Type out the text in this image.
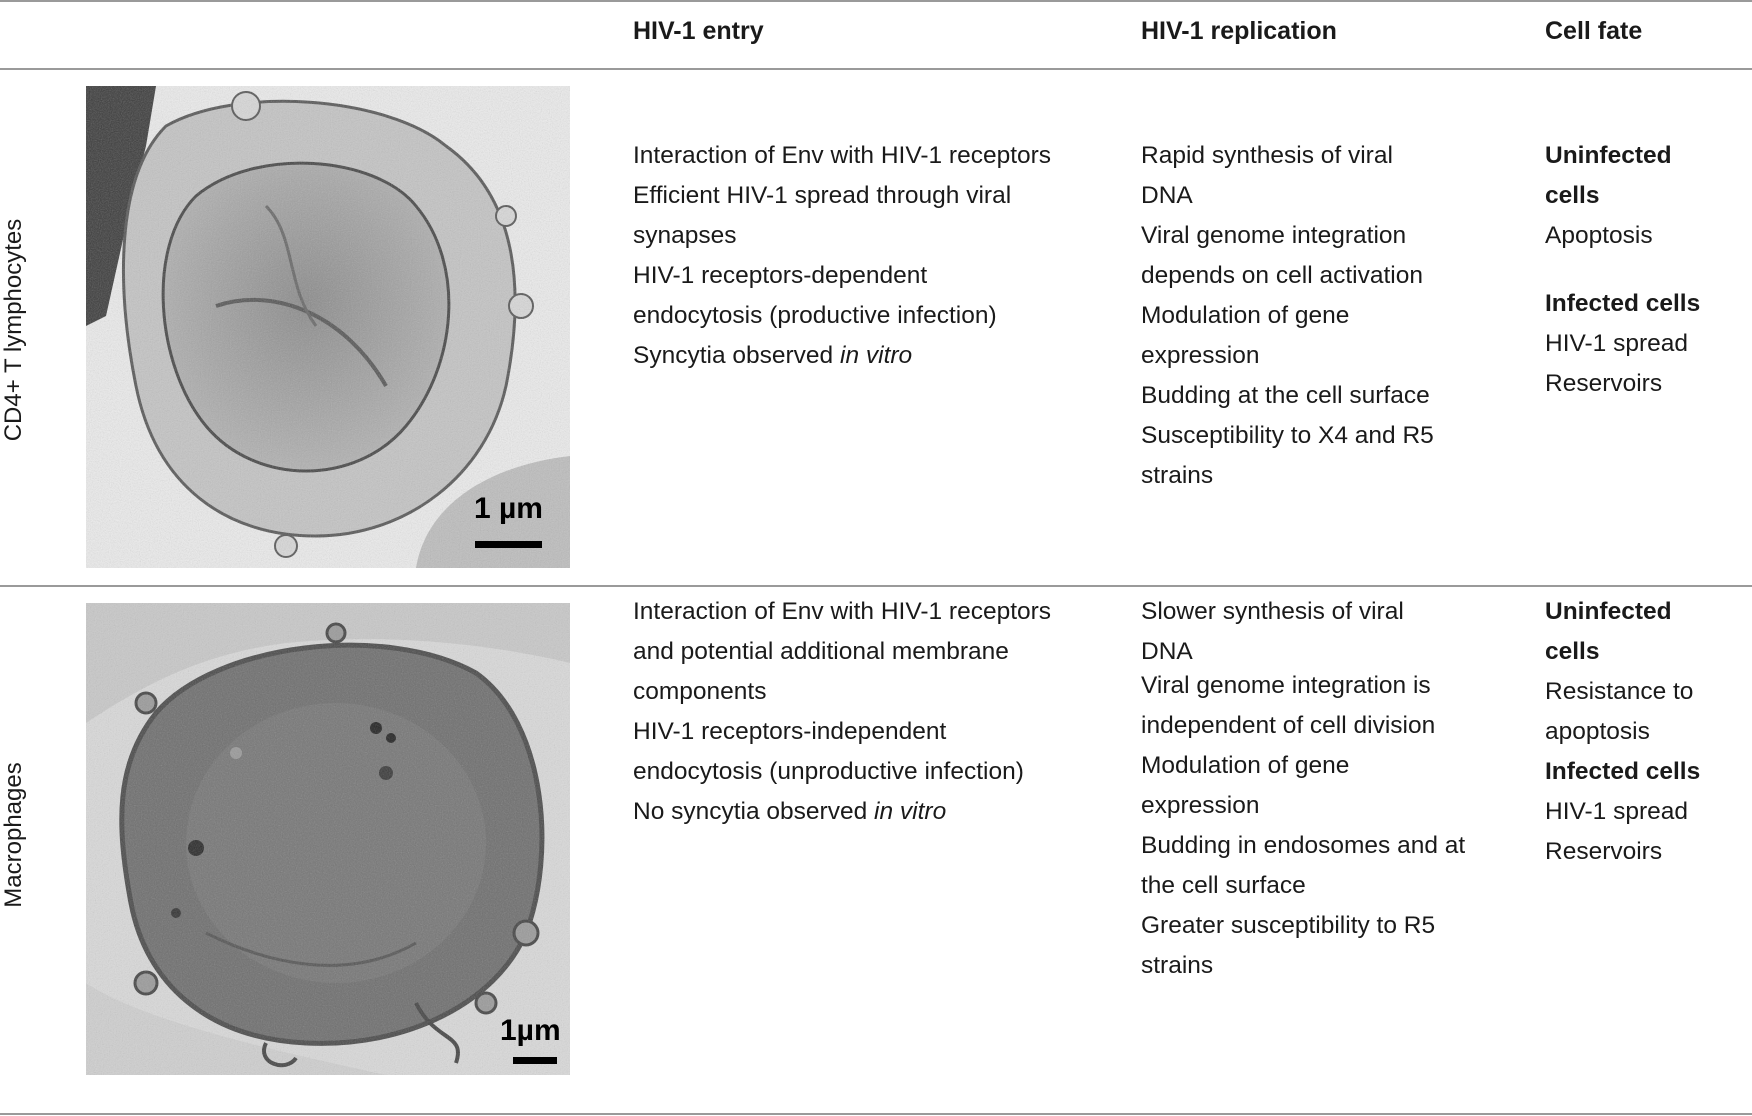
HIV-1 entry	HIV-1 replication	Cell fate
CD4+ T lymphocytes
1 µm
Interaction of Env with HIV-1 receptors
Efficient HIV-1 spread through viral
synapses
HIV-1 receptors-dependent
endocytosis (productive infection)
Syncytia observed in vitro
Rapid synthesis of viral
DNA
Viral genome integration
depends on cell activation
Modulation of gene
expression
Budding at the cell surface
Susceptibility to X4 and R5
strains
Uninfected
cells
Apoptosis
Infected cells
HIV-1 spread
Reservoirs
Macrophages
1µm
Interaction of Env with HIV-1 receptors
and potential additional membrane
components
HIV-1 receptors-independent
endocytosis (unproductive infection)
No syncytia observed in vitro
Slower synthesis of viral
DNA
Viral genome integration is
independent of cell division
Modulation of gene
expression
Budding in endosomes and at
the cell surface
Greater susceptibility to R5
strains
Uninfected
cells
Resistance to
apoptosis
Infected cells
HIV-1 spread
Reservoirs
